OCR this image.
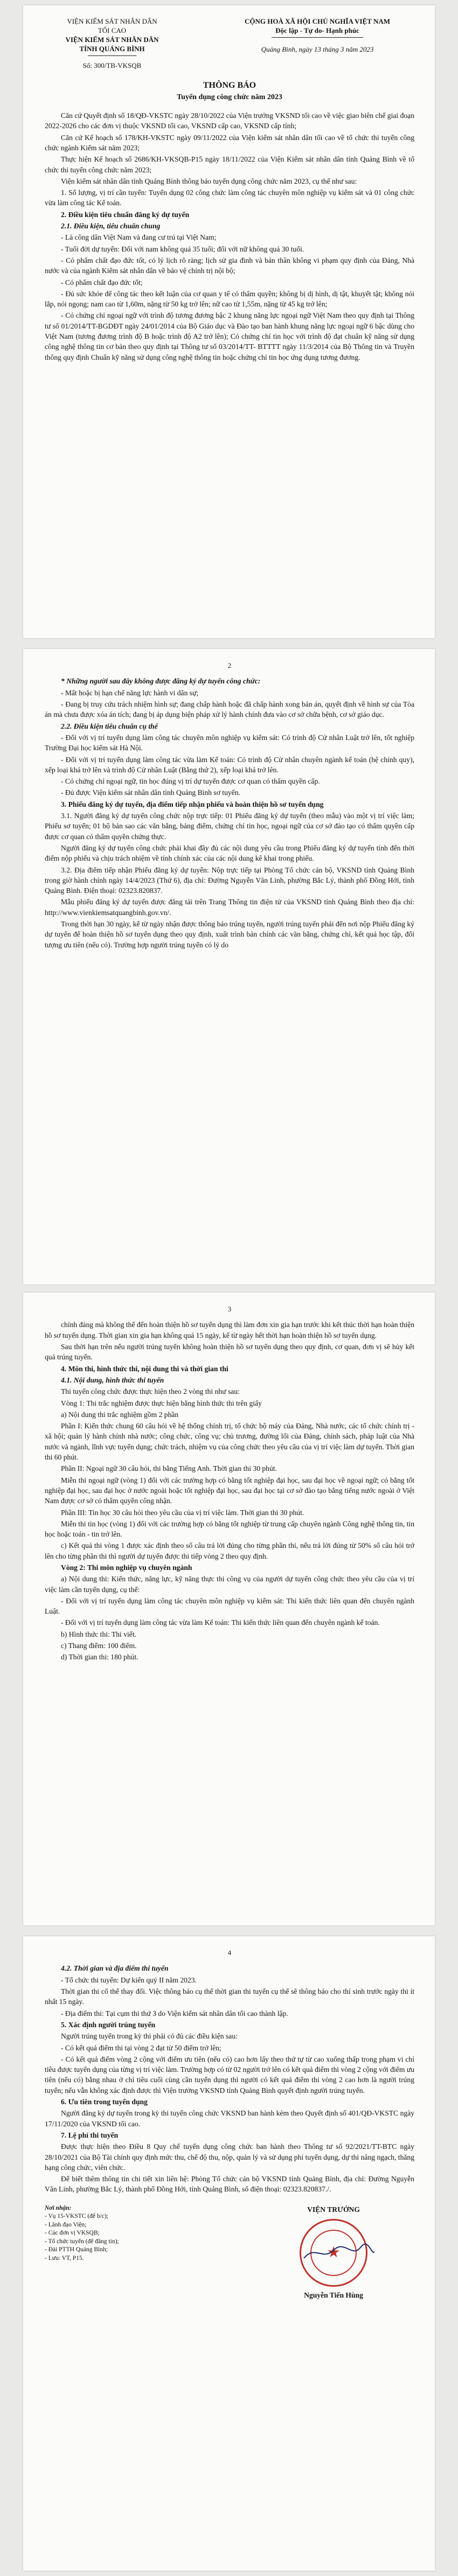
VIỆN KIỂM SÁT NHÂN DÂN
TỐI CAO
VIỆN KIỂM SÁT NHÂN DÂN
TỈNH QUẢNG BÌNH
Số: 300/TB-VKSQB
CỘNG HOÀ XÃ HỘI CHỦ NGHĨA VIỆT NAM
Độc lập - Tự do- Hạnh phúc
Quảng Bình, ngày 13 tháng 3 năm 2023
THÔNG BÁO
Tuyển dụng công chức năm 2023

Căn cứ Quyết định số 18/QĐ-VKSTC ngày 28/10/2022 của Viện trưởng VKSND tối cao về việc giao biên chế giai đoạn 2022-2026 cho các đơn vị thuộc VKSND tối cao, VKSND cấp cao, VKSND cấp tỉnh;

Căn cứ Kế hoạch số 178/KH-VKSTC ngày 09/11/2022 của Viện kiểm sát nhân dân tối cao về tổ chức thi tuyển công chức ngành Kiểm sát năm 2023;

Thực hiện Kế hoạch số 2686/KH-VKSQB-P15 ngày 18/11/2022 của Viện Kiểm sát nhân dân tỉnh Quảng Bình về tổ chức thi tuyển công chức năm 2023;

Viện kiểm sát nhân dân tỉnh Quảng Bình thông báo tuyển dụng công chức năm 2023, cụ thể như sau:

1. Số lượng, vị trí cần tuyển: Tuyển dụng 02 công chức làm công tác chuyên môn nghiệp vụ kiểm sát và 01 công chức vừa làm công tác Kế toán.

2. Điều kiện tiêu chuẩn đăng ký dự tuyển

2.1. Điều kiện, tiêu chuẩn chung

- Là công dân Việt Nam và đang cư trú tại Việt Nam;

- Tuổi đời dự tuyển: Đối với nam không quá 35 tuổi; đối với nữ không quá 30 tuổi.

- Có phẩm chất đạo đức tốt, có lý lịch rõ ràng; lịch sử gia đình và bản thân không vi phạm quy định của Đảng, Nhà nước và của ngành Kiểm sát nhân dân về bảo vệ chính trị nội bộ;

- Có phẩm chất đạo đức tốt;

- Đủ sức khỏe để công tác theo kết luận của cơ quan y tế có thẩm quyền; không bị dị hình, dị tật, khuyết tật; không nói lắp, nói ngọng; nam cao từ 1,60m, nặng từ 50 kg trở lên; nữ cao từ 1,55m, nặng từ 45 kg trở lên;

- Có chứng chỉ ngoại ngữ với trình độ tương đương bậc 2 khung năng lực ngoại ngữ Việt Nam theo quy định tại Thông tư số 01/2014/TT-BGDĐT ngày 24/01/2014 của Bộ Giáo dục và Đào tạo ban hành khung năng lực ngoại ngữ 6 bậc dùng cho Việt Nam (tương đương trình độ B hoặc trình độ A2 trở lên); Có chứng chỉ tin học với trình độ đạt chuẩn kỹ năng sử dụng công nghệ thông tin cơ bản theo quy định tại Thông tư số 03/2014/TT- BTTTT ngày 11/3/2014 của Bộ Thông tin và Truyền thông quy định Chuẩn kỹ năng sử dụng công nghệ thông tin hoặc chứng chỉ tin học ứng dụng tương đương.

2

* Những người sau đây không được đăng ký dự tuyển công chức:

- Mất hoặc bị hạn chế năng lực hành vi dân sự;

- Đang bị truy cứu trách nhiệm hình sự; đang chấp hành hoặc đã chấp hành xong bản án, quyết định về hình sự của Tòa án mà chưa được xóa án tích; đang bị áp dụng biện pháp xử lý hành chính đưa vào cơ sở chữa bệnh, cơ sở giáo dục.

2.2. Điều kiện tiêu chuẩn cụ thể

- Đối với vị trí tuyển dụng làm công tác chuyên môn nghiệp vụ kiểm sát: Có trình độ Cử nhân Luật trở lên, tốt nghiệp Trường Đại học kiểm sát Hà Nội.

- Đối với vị trí tuyển dụng làm công tác vừa làm Kế toán: Có trình độ Cử nhân chuyên ngành kế toán (hệ chính quy), xếp loại khá trở lên và trình độ Cử nhân Luật (Bằng thứ 2), xếp loại khá trở lên.

- Có chứng chỉ ngoại ngữ, tin học đúng vị trí dự tuyển được cơ quan có thẩm quyền cấp.

- Đủ được Viện kiểm sát nhân dân tỉnh Quảng Bình sơ tuyển.

3. Phiếu đăng ký dự tuyển, địa điểm tiếp nhận phiếu và hoàn thiện hồ sơ tuyển dụng

3.1. Người đăng ký dự tuyển công chức nộp trực tiếp: 01 Phiếu đăng ký dự tuyển (theo mẫu) vào một vị trí việc làm; Phiếu sơ tuyển; 01 bộ bản sao các văn bằng, bảng điểm, chứng chỉ tin học, ngoại ngữ của cơ sở đào tạo có thẩm quyền cấp được cơ quan có thẩm quyền chứng thực.

Người đăng ký dự tuyển công chức phải khai đầy đủ các nội dung yêu cầu trong Phiếu đăng ký dự tuyển tính đến thời điểm nộp phiếu và chịu trách nhiệm về tính chính xác của các nội dung kê khai trong phiếu.

3.2. Địa điểm tiếp nhận Phiếu đăng ký dự tuyển: Nộp trực tiếp tại Phòng Tổ chức cán bộ, VKSND tỉnh Quảng Bình trong giờ hành chính ngày 14/4/2023 (Thứ 6), địa chỉ: Đường Nguyễn Văn Linh, phường Bắc Lý, thành phố Đồng Hới, tỉnh Quảng Bình. Điện thoại: 02323.820837.

Mẫu phiếu đăng ký dự tuyển được đăng tải trên Trang Thông tin điện tử của VKSND tỉnh Quảng Bình theo địa chỉ: http://www.vienkiemsatquangbinh.gov.vn/.

Trong thời hạn 30 ngày, kể từ ngày nhận được thông báo trúng tuyển, người trúng tuyển phải đến nơi nộp Phiếu đăng ký dự tuyển để hoàn thiện hồ sơ tuyển dụng theo quy định, xuất trình bản chính các văn bằng, chứng chỉ, kết quả học tập, đối tượng ưu tiên (nếu có). Trường hợp người trúng tuyển có lý do

3

chính đáng mà không thể đến hoàn thiện hồ sơ tuyển dụng thì làm đơn xin gia hạn trước khi kết thúc thời hạn hoàn thiện hồ sơ tuyển dụng. Thời gian xin gia hạn không quá 15 ngày, kể từ ngày hết thời hạn hoàn thiện hồ sơ tuyển dụng.

Sau thời hạn trên nếu người trúng tuyển không hoàn thiện hồ sơ tuyển dụng theo quy định, cơ quan, đơn vị sẽ hủy kết quả trúng tuyển.

4. Môn thi, hình thức thi, nội dung thi và thời gian thi

4.1. Nội dung, hình thức thi tuyển

Thi tuyển công chức được thực hiện theo 2 vòng thi như sau:

Vòng 1: Thi trắc nghiệm được thực hiện bằng hình thức thi trên giấy

a) Nội dung thi trắc nghiệm gồm 2 phần

Phần I: Kiến thức chung 60 câu hỏi về hệ thống chính trị, tổ chức bộ máy của Đảng, Nhà nước, các tổ chức chính trị - xã hội; quản lý hành chính nhà nước; công chức, công vụ; chủ trương, đường lối của Đảng, chính sách, pháp luật của Nhà nước và ngành, lĩnh vực tuyển dụng; chức trách, nhiệm vụ của công chức theo yêu cầu của vị trí việc làm dự tuyển. Thời gian thi 60 phút.

Phần II: Ngoại ngữ 30 câu hỏi, thi bằng Tiếng Anh. Thời gian thi 30 phút.

Miễn thi ngoại ngữ (vòng 1) đối với các trường hợp có bằng tốt nghiệp đại học, sau đại học về ngoại ngữ; có bằng tốt nghiệp đại học, sau đại học ở nước ngoài hoặc tốt nghiệp đại học, sau đại học tại cơ sở đào tạo bằng tiếng nước ngoài ở Việt Nam được cơ sở có thẩm quyền công nhận.

Phần III: Tin học 30 câu hỏi theo yêu cầu của vị trí việc làm. Thời gian thi 30 phút.

Miễn thi tin học (vòng 1) đối với các trường hợp có bằng tốt nghiệp từ trung cấp chuyên ngành Công nghệ thông tin, tin học hoặc toán - tin trở lên.

c) Kết quả thi vòng 1 được xác định theo số câu trả lời đúng cho từng phần thi, nếu trả lời đúng từ 50% số câu hỏi trở lên cho từng phần thi thì người dự tuyển được thi tiếp vòng 2 theo quy định.

Vòng 2: Thi môn nghiệp vụ chuyên ngành

a) Nội dung thi: Kiến thức, năng lực, kỹ năng thực thi công vụ của người dự tuyển công chức theo yêu cầu của vị trí việc làm cần tuyển dụng, cụ thể:

- Đối với vị trí tuyển dụng làm công tác chuyên môn nghiệp vụ kiểm sát: Thi kiến thức liên quan đến chuyên ngành Luật.

- Đối với vị trí tuyển dụng làm công tác vừa làm Kế toán: Thi kiến thức liên quan đến chuyên ngành kế toán.

b) Hình thức thi: Thi viết.

c) Thang điểm: 100 điểm.

d) Thời gian thi: 180 phút.

4

4.2. Thời gian và địa điểm thi tuyển

- Tổ chức thi tuyển: Dự kiến quý II năm 2023.

Thời gian thi cố thể thay đổi. Việc thông báo cụ thể thời gian thi tuyển cụ thể sẽ thông báo cho thí sinh trước ngày thi ít nhất 15 ngày.

- Địa điểm thi: Tại cụm thi thứ 3 do Viện kiểm sát nhân dân tối cao thành lập.

5. Xác định người trúng tuyển

Người trúng tuyển trong kỳ thi phải có đủ các điều kiện sau:

- Có kết quả điểm thi tại vòng 2 đạt từ 50 điểm trở lên;

- Có kết quả điểm vòng 2 cộng với điểm ưu tiên (nếu có) cao hơn lấy theo thứ tự từ cao xuống thấp trong phạm vi chỉ tiêu được tuyển dụng của từng vị trí việc làm. Trường hợp có từ 02 người trở lên có kết quả điểm thi vòng 2 cộng với điểm ưu tiên (nếu có) bằng nhau ở chỉ tiêu cuối cùng cần tuyển dụng thì người có kết quả điểm thi vòng 2 cao hơn là người trúng tuyển; nếu vẫn không xác định được thì Viện trưởng VKSND tỉnh Quảng Bình quyết định người trúng tuyển.

6. Ưu tiên trong tuyển dụng

Người đăng ký dự tuyển trong kỳ thi tuyển công chức VKSND ban hành kèm theo Quyết định số 401/QĐ-VKSTC ngày 17/11/2020 của VKSND tối cao.

7. Lệ phí thi tuyển

Được thực hiện theo Điều 8 Quy chế tuyển dụng công chức ban hành theo Thông tư số 92/2021/TT-BTC ngày 28/10/2021 của Bộ Tài chính quy định mức thu, chế độ thu, nộp, quản lý và sử dụng phí tuyển dụng, dự thi nâng ngạch, thăng hạng công chức, viên chức.

Để biết thêm thông tin chi tiết xin liên hệ: Phòng Tổ chức cán bộ VKSND tỉnh Quảng Bình, địa chỉ: Đường Nguyễn Văn Linh, phường Bắc Lý, thành phố Đồng Hới, tỉnh Quảng Bình, số điện thoại: 02323.820837./.

Nơi nhận:
- Vụ 15-VKSTC (để b/c);
- Lãnh đạo Viện;
- Các đơn vị VKSQB;
- Tổ chức tuyển (để đăng tin);
- Đài PTTH Quảng Bình;
- Lưu: VT, P15.
VIỆN TRƯỞNG
★
Nguyễn Tiến Hùng
